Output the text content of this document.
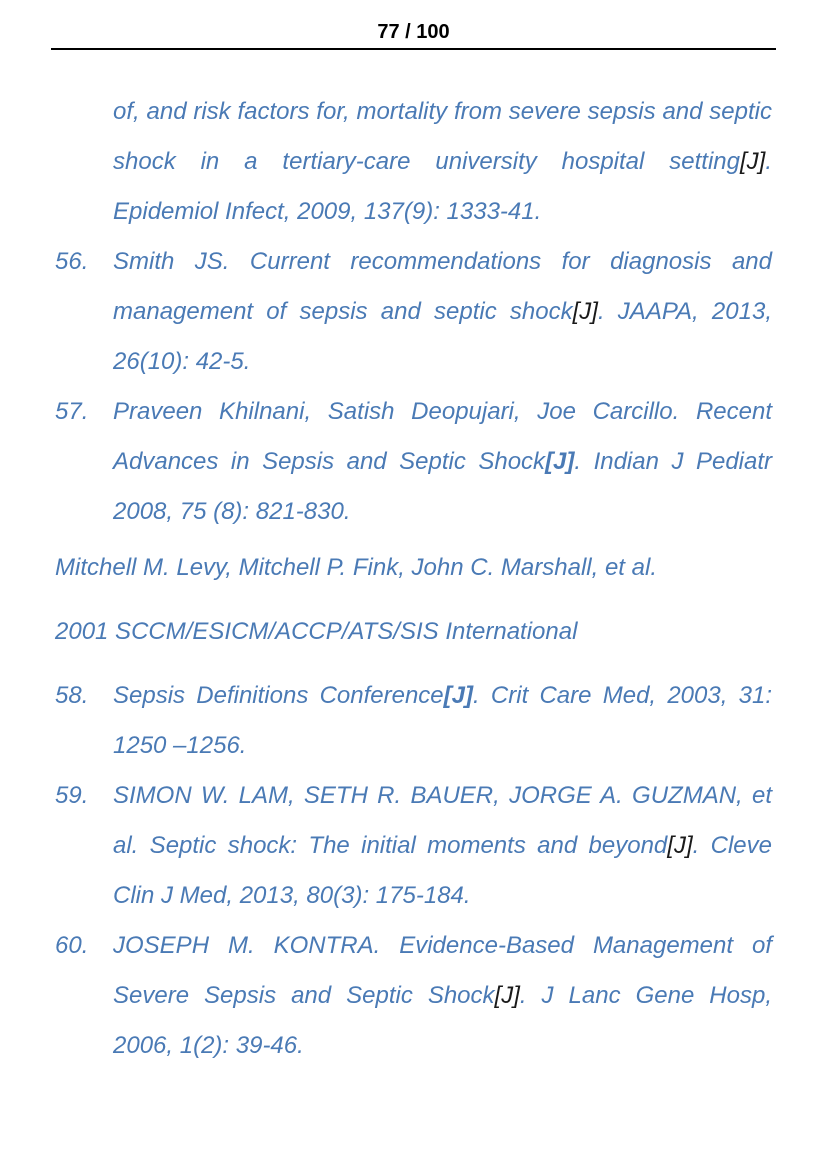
77 / 100
of, and risk factors for, mortality from severe sepsis and septic shock in a tertiary-care university hospital setting[J]. Epidemiol Infect, 2009, 137(9): 1333-41.
56.	Smith JS. Current recommendations for diagnosis and management of sepsis and septic shock[J]. JAAPA, 2013, 26(10): 42-5.
57.	Praveen Khilnani, Satish Deopujari, Joe Carcillo. Recent Advances in Sepsis and Septic Shock[J]. Indian J Pediatr 2008, 75 (8): 821-830.
Mitchell M. Levy, Mitchell P. Fink, John C. Marshall, et al.
2001 SCCM/ESICM/ACCP/ATS/SIS International
58.	Sepsis Definitions Conference[J]. Crit Care Med, 2003, 31: 1250 –1256.
59.	SIMON W. LAM, SETH R. BAUER, JORGE A. GUZMAN, et al. Septic shock: The initial moments and beyond[J]. Cleve Clin J Med, 2013, 80(3): 175-184.
60.	JOSEPH M. KONTRA. Evidence-Based Management of Severe Sepsis and Septic Shock[J]. J Lanc Gene Hosp, 2006, 1(2): 39-46.
